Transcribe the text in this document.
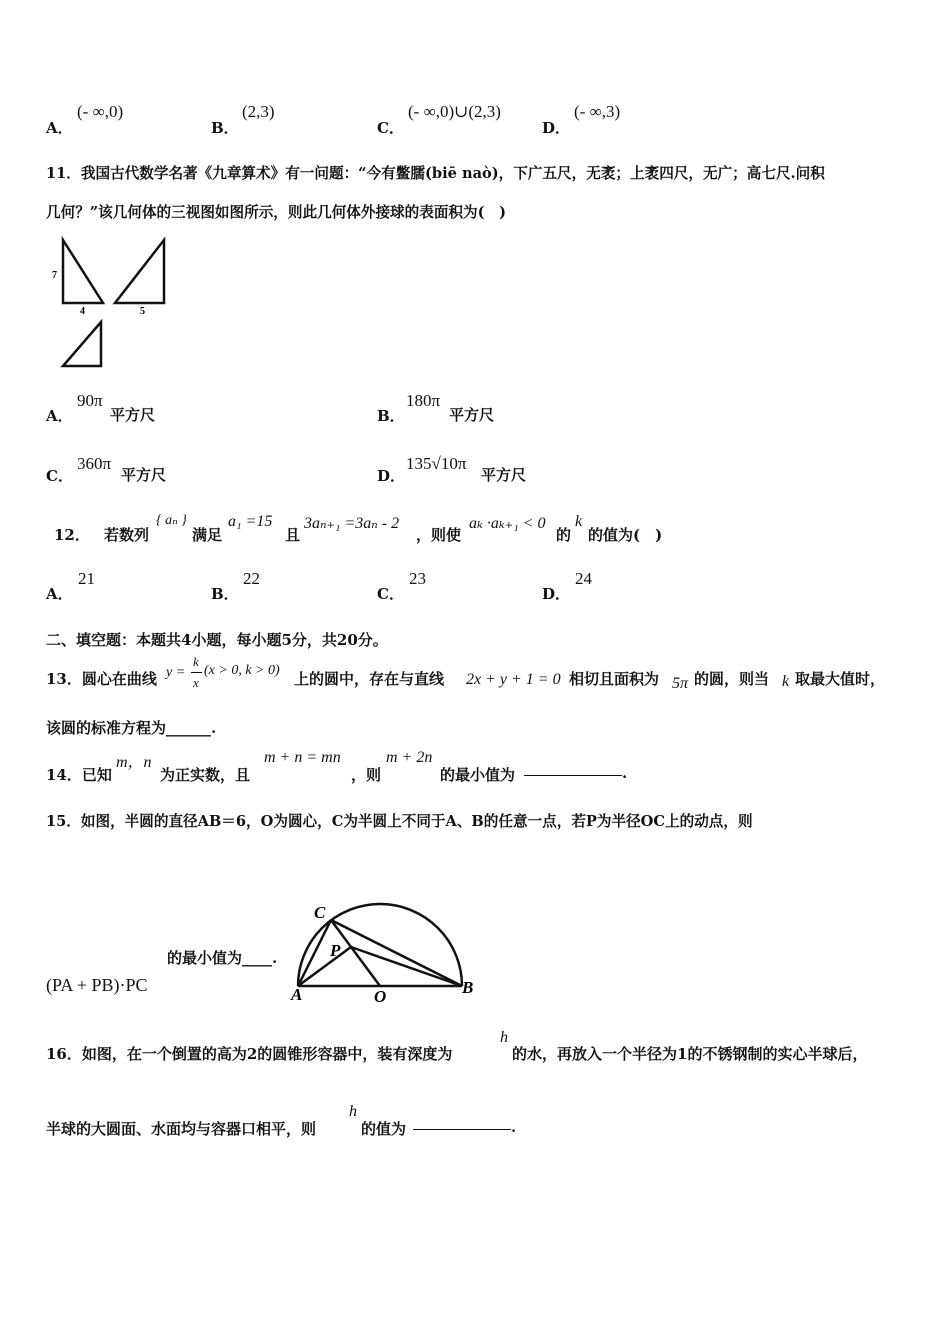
A．
(- ∞,0)
B．
(2,3)
C．
(- ∞,0)∪(2,3)
D．
(- ∞,3)
11．我国古代数学名著《九章算术》有一问题：“今有鳖臑(biē naò)，下广五尺，无袤；上袤四尺，无广；高七尺.问积
几何？”该几何体的三视图如图所示，则此几何体外接球的表面积为(　)
7
4	5
A．
90π
平方尺	B．
180π
平方尺
C．
360π
平方尺	D．
135√10π
平方尺
12． 若数列
{ aₙ }
满足
a₁ =15
且
3aₙ₊₁ =3aₙ - 2
，则使
aₖ ·aₖ₊₁ < 0
的
k
的值为(　)
A．
21
B．
22
C．
23
D．
24
二、填空题：本题共4小题，每小题5分，共20分。
13．圆心在曲线 y =
k
x
(x > 0, k > 0) 上的圆中，存在与直线 2x + y + 1 = 0 相切且面积为 5π 的圆，则当 k 取最大值时，
该圆的标准方程为______.
14．已知
m，n
为正实数，且
m + n = mn
，则
m + 2n
的最小值为	.
15．如图，半圆的直径AB＝6，O为圆心，C为半圆上不同于A、B的任意一点，若P为半径OC上的动点，则
的最小值为____.
(PA + PB)·PC
C
P
A	O	B
16．如图，在一个倒置的高为2的圆锥形容器中，装有深度为
h
的水，再放入一个半径为1的不锈钢制的实心半球后，
半球的大圆面、水面均与容器口相平，则
h
的值为	.
